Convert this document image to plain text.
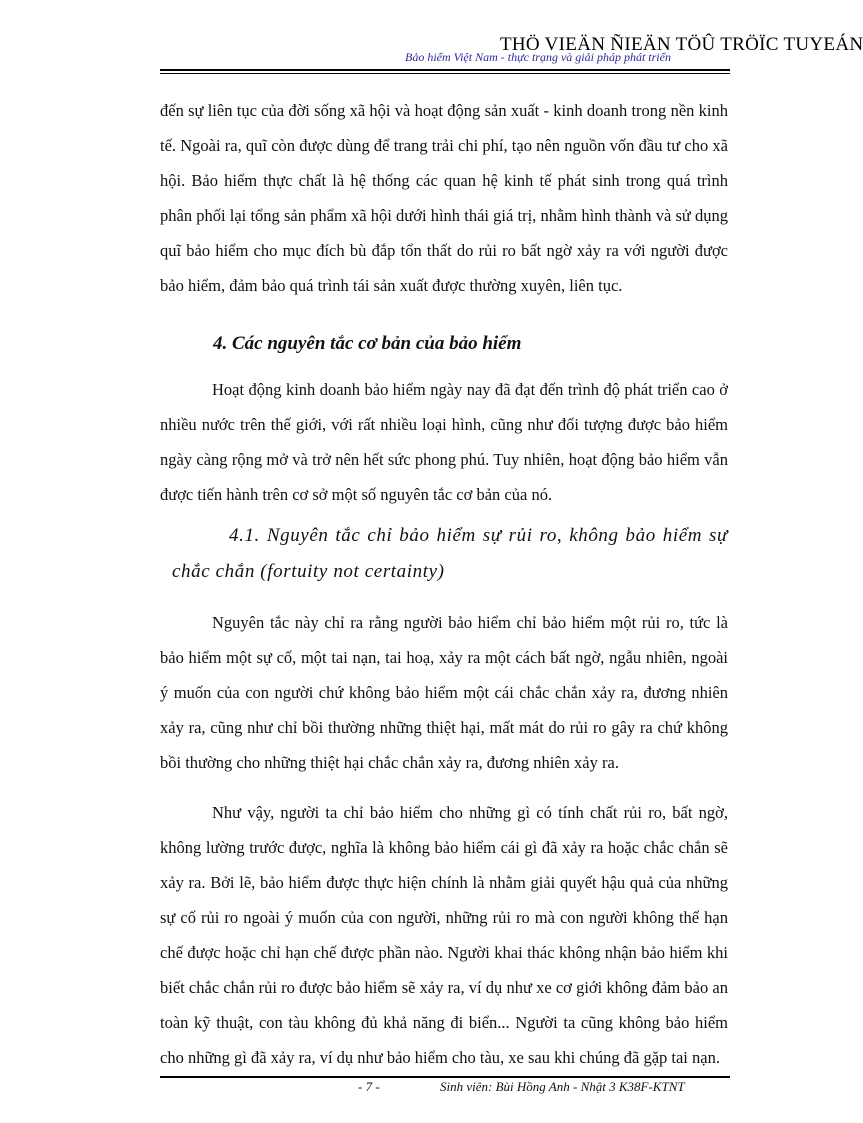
THÖ VIEÄN ÑIEÄN TÖÛ TRÖÏC TUYEÁN
Bảo hiểm Việt Nam - thực trạng và giải pháp phát triển

đến sự liên tục của đời sống xã hội và hoạt động sản xuất - kinh doanh trong nền kinh tế. Ngoài ra, quĩ còn được dùng để trang trải chi phí, tạo nên nguồn vốn đầu tư cho xã hội. Bảo hiểm thực chất là hệ thống các quan hệ kinh tế phát sinh trong quá trình phân phối lại tổng sản phẩm xã hội dưới hình thái giá trị, nhằm hình thành và sử dụng quĩ bảo hiểm cho mục đích bù đắp tổn thất do rủi ro bất ngờ xảy ra với người được bảo hiểm, đảm bảo quá trình tái sản xuất được thường xuyên, liên tục.

4. Các nguyên tắc cơ bản của bảo hiểm

Hoạt động kinh doanh bảo hiểm ngày nay đã đạt đến trình độ phát triển cao ở nhiều nước trên thế giới, với rất nhiều loại hình, cũng như đối tượng được bảo hiểm ngày càng rộng mở và trở nên hết sức phong phú. Tuy nhiên, hoạt động bảo hiểm vẫn được tiến hành trên cơ sở một số nguyên tắc cơ bản của nó.

4.1. Nguyên tắc chỉ bảo hiểm sự rủi ro, không bảo hiểm sự chắc chắn (fortuity not certainty)

Nguyên tắc này chỉ ra rằng người bảo hiểm chỉ bảo hiểm một rủi ro, tức là bảo hiểm một sự cố, một tai nạn, tai hoạ, xảy ra một cách bất ngờ, ngẫu nhiên, ngoài ý muốn của con người chứ không bảo hiểm một cái chắc chắn xảy ra, đương nhiên xảy ra, cũng như chỉ bồi thường những thiệt hại, mất mát do rủi ro gây ra chứ không bồi thường cho những thiệt hại chắc chắn xảy ra, đương nhiên xảy ra.

Như vậy, người ta chỉ bảo hiểm cho những gì có tính chất rủi ro, bất ngờ, không lường trước được, nghĩa là không bảo hiểm cái gì đã xảy ra hoặc chắc chắn sẽ xảy ra. Bởi lẽ, bảo hiểm được thực hiện chính là nhằm giải quyết hậu quả của những sự cố rủi ro ngoài ý muốn của con người, những rủi ro mà con người không thể hạn chế được hoặc chỉ hạn chế được phần nào. Người khai thác không nhận bảo hiểm khi biết chắc chắn rủi ro được bảo hiểm sẽ xảy ra, ví dụ như xe cơ giới không đảm bảo an toàn kỹ thuật, con tàu không đủ khả năng đi biển... Người ta cũng không bảo hiểm cho những gì đã xảy ra, ví dụ như bảo hiểm cho tàu, xe sau khi chúng đã gặp tai nạn.

- 7 -	Sinh viên: Bùi Hồng Anh - Nhật 3 K38F-KTNT
